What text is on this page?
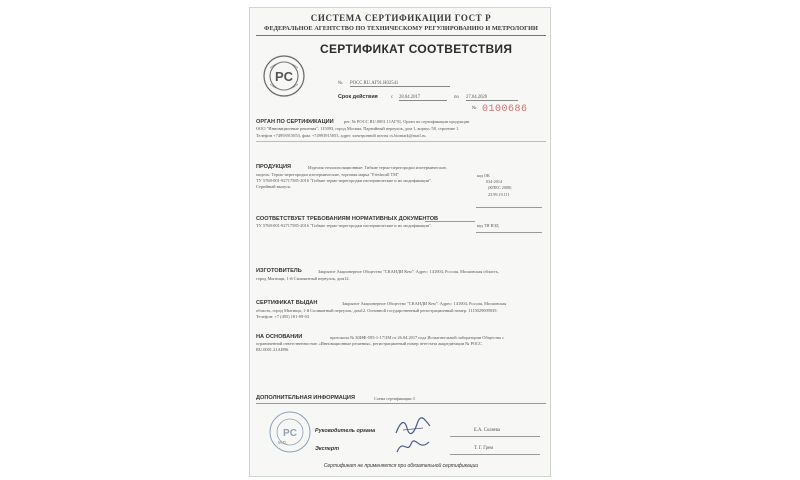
СИСТЕМА СЕРТИФИКАЦИИ ГОСТ Р
ФЕДЕРАЛЬНОЕ АГЕНТСТВО ПО ТЕХНИЧЕСКОМУ РЕГУЛИРОВАНИЮ И МЕТРОЛОГИИ
СЕРТИФИКАТ СООТВЕТСТВИЯ
PC	№ РОСС RU.АГ91.Н02541
Срок действия	с 28.04.2017	по 27.04.2020
№ 0100686
ОРГАН ПО СЕРТИФИКАЦИИ рег. № РОСС RU.0001.11АГ91. Орган по сертификации продукции
ООО "Инновационные решения", 115093, город Москва, Партийный переулок, дом 1, корпус 58, строение 1.
Телефон +74993915053, факс +74993915053, адрес электронной почты cs.biomark@mail.ru.
ПРОДУКЦИЯ	Изделия теплоизоляционные: Гибкие термо-перегородки изотермические,
модель: Термо-перегородки изотермические, торговая марка "Freshwall TM"
ТУ 5768-001-92717585-2016 "Гибкие термо-перегородки изотермические и их модификации".
Серийный выпуск.
код ОК
034-2014
(КПЕС 2008)
23.99.19.111
СООТВЕТСТВУЕТ ТРЕБОВАНИЯМ НОРМАТИВНЫХ ДОКУМЕНТОВ
ТУ 5768-001-92717585-2016 "Гибкие термо-перегородки изотермические и их модификации".	код ТН ВЭД
ИЗГОТОВИТЕЛЬ	Закрытое Акционерное Общество "СКАНДИ Кем". Адрес: 141004, Россия, Московская область,
город Мытищи, 1-й Силикатный переулок, дом12.
СЕРТИФИКАТ ВЫДАН	Закрытое Акционерное Общество "СКАНДИ Кем". Адрес: 141004, Россия, Московская
область, город Мытищи, 1-й Силикатный переулок, дом12. Основной государственный регистрационный номер: 1115029009039.
Телефон: +7 (495) 181-09-03
НА ОСНОВАНИИ	протокола № 30ИФ-595-1-17/ЗМ от 26.04.2017 года Испытательной лаборатории Общества с
ограниченной ответственностью «Инновационные решения», регистрационный номер аттестата аккредитации № РОСС
RU.0001.21АИ96.
ДОПОЛНИТЕЛЬНАЯ ИНФОРМАЦИЯ	Схема сертификации 3
PC
М.П.
Руководитель органа	Е.А. Соляева
Эксперт	Т. Г. Грем
Сертификат не применяется при обязательной сертификации
